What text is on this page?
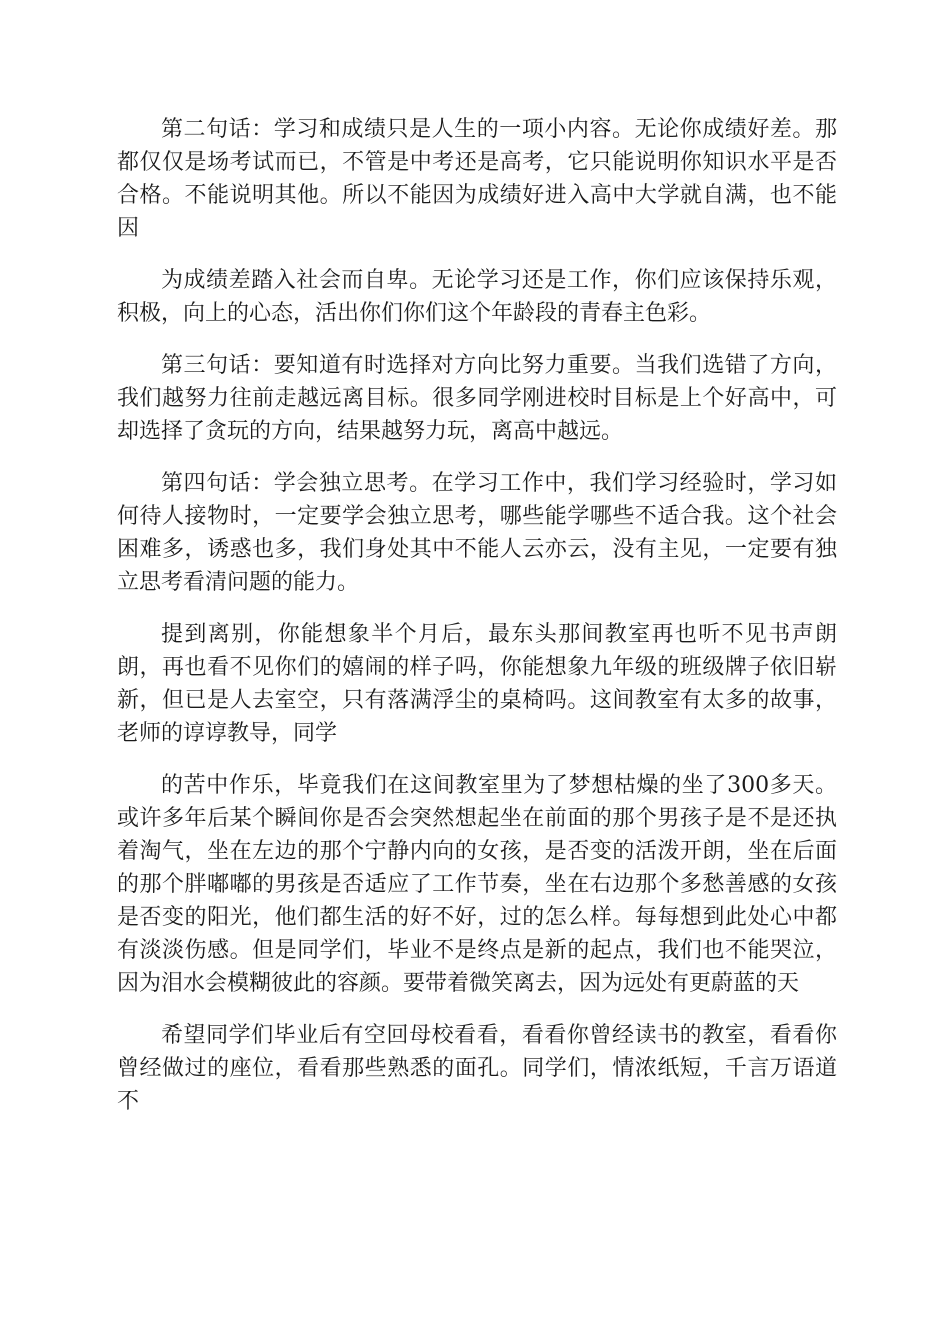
第二句话：学习和成绩只是人生的一项小内容。无论你成绩好差。那都仅仅是场考试而已，不管是中考还是高考，它只能说明你知识水平是否合格。不能说明其他。所以不能因为成绩好进入高中大学就自满，也不能因

为成绩差踏入社会而自卑。无论学习还是工作，你们应该保持乐观，积极，向上的心态，活出你们你们这个年龄段的青春主色彩。

第三句话：要知道有时选择对方向比努力重要。当我们选错了方向，我们越努力往前走越远离目标。很多同学刚进校时目标是上个好高中，可却选择了贪玩的方向，结果越努力玩，离高中越远。

第四句话：学会独立思考。在学习工作中，我们学习经验时，学习如何待人接物时，一定要学会独立思考，哪些能学哪些不适合我。这个社会困难多，诱惑也多，我们身处其中不能人云亦云，没有主见，一定要有独立思考看清问题的能力。

提到离别，你能想象半个月后，最东头那间教室再也听不见书声朗朗，再也看不见你们的嬉闹的样子吗，你能想象九年级的班级牌子依旧崭新，但已是人去室空，只有落满浮尘的桌椅吗。这间教室有太多的故事，老师的谆谆教导，同学

的苦中作乐，毕竟我们在这间教室里为了梦想枯燥的坐了300多天。或许多年后某个瞬间你是否会突然想起坐在前面的那个男孩子是不是还执着淘气，坐在左边的那个宁静内向的女孩，是否变的活泼开朗，坐在后面的那个胖嘟嘟的男孩是否适应了工作节奏，坐在右边那个多愁善感的女孩是否变的阳光，他们都生活的好不好，过的怎么样。每每想到此处心中都有淡淡伤感。但是同学们，毕业不是终点是新的起点，我们也不能哭泣，因为泪水会模糊彼此的容颜。要带着微笑离去，因为远处有更蔚蓝的天

希望同学们毕业后有空回母校看看，看看你曾经读书的教室，看看你曾经做过的座位，看看那些熟悉的面孔。同学们，情浓纸短，千言万语道不
